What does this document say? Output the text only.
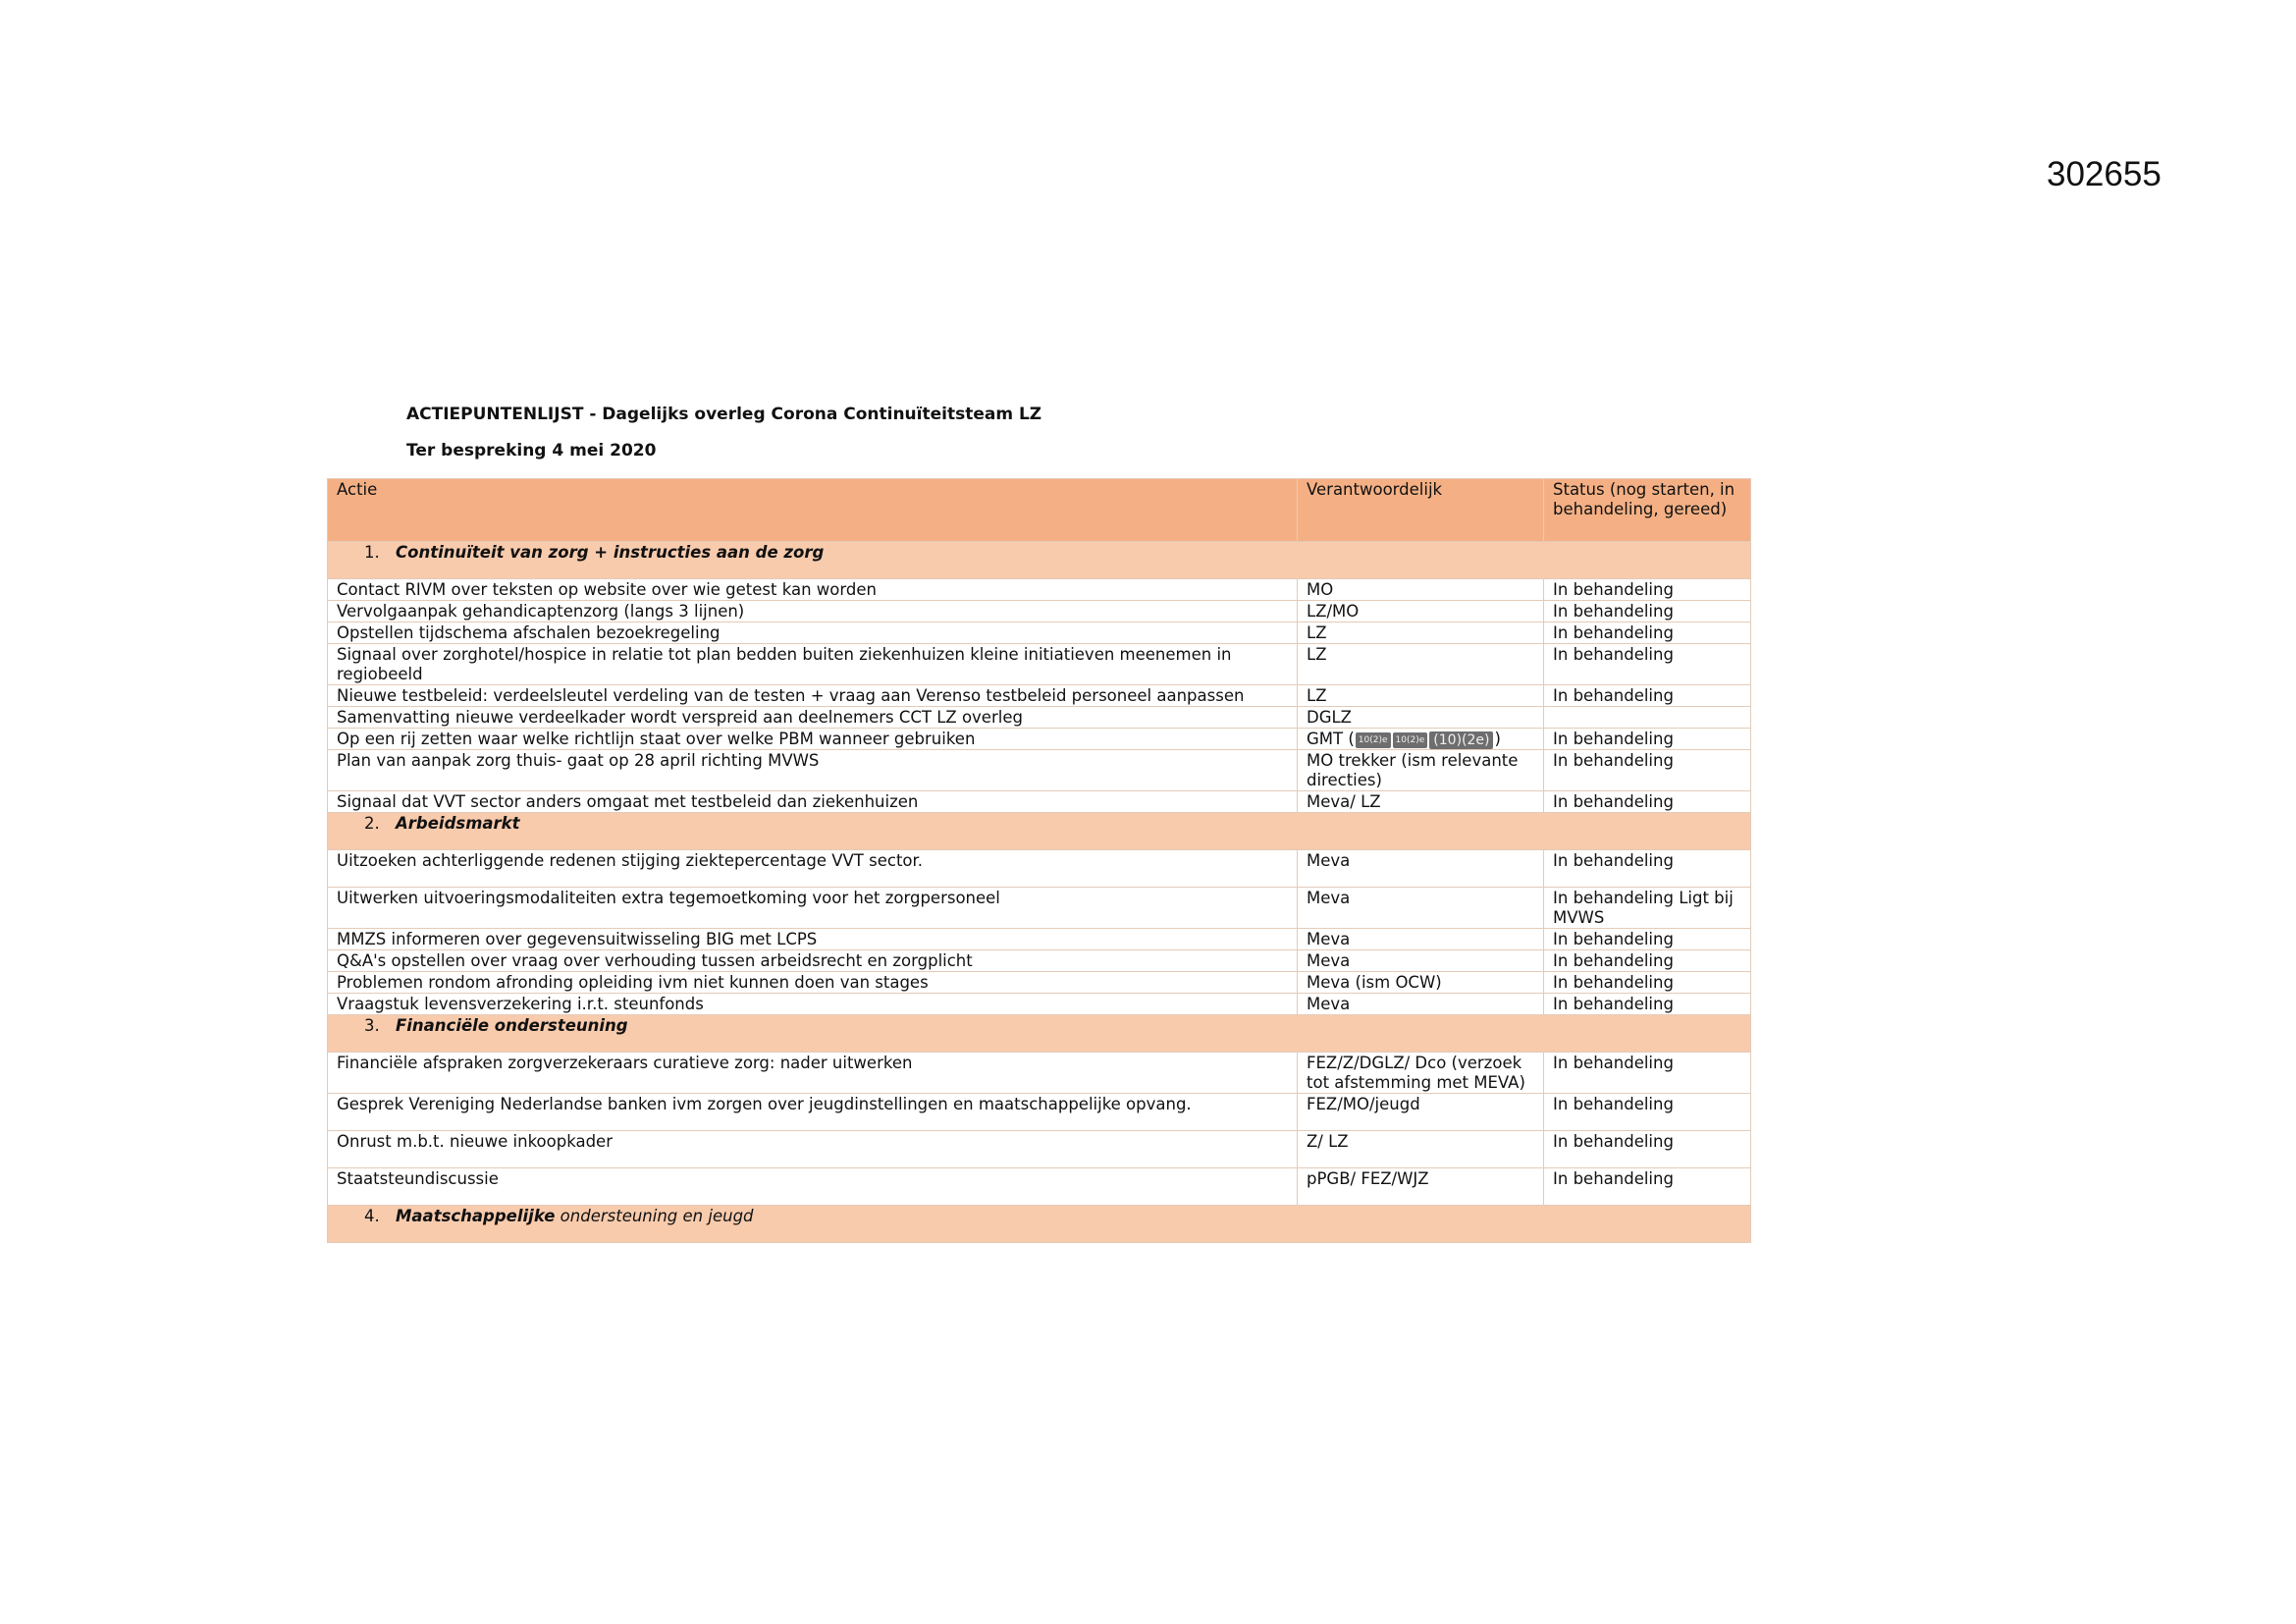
302655
ACTIEPUNTENLIJST - Dagelijks overleg Corona Continuïteitsteam LZ
Ter bespreking 4 mei 2020
Actie	Verantwoordelijk	Status (nog starten, in behandeling, gereed)

1. Continuïteit van zorg + instructies aan de zorg		

Contact RIVM over teksten op website over wie getest kan worden	MO	In behandeling
Vervolgaanpak gehandicaptenzorg (langs 3 lijnen)	LZ/MO	In behandeling
Opstellen tijdschema afschalen bezoekregeling	LZ	In behandeling
Signaal over zorghotel/hospice in relatie tot plan bedden buiten ziekenhuizen kleine initiatieven meenemen in regiobeeld	LZ	In behandeling
Nieuwe testbeleid: verdeelsleutel verdeling van de testen + vraag aan Verenso testbeleid personeel aanpassen	LZ	In behandeling
Samenvatting nieuwe verdeelkader wordt verspreid aan deelnemers CCT LZ overleg	DGLZ	
Op een rij zetten waar welke richtlijn staat over welke PBM wanneer gebruiken	GMT ( 10(2)e 10(2)e (10)(2e) )	In behandeling
Plan van aanpak zorg thuis- gaat op 28 april richting MVWS	MO trekker (ism relevante directies)	In behandeling
Signaal dat VVT sector anders omgaat met testbeleid dan ziekenhuizen	Meva/ LZ	In behandeling

2. Arbeidsmarkt		

Uitzoeken achterliggende redenen stijging ziektepercentage VVT sector.	Meva	In behandeling
Uitwerken uitvoeringsmodaliteiten extra tegemoetkoming voor het zorgpersoneel	Meva	In behandeling Ligt bij MVWS
MMZS informeren over gegevensuitwisseling BIG met LCPS	Meva	In behandeling
Q&A's opstellen over vraag over verhouding tussen arbeidsrecht en zorgplicht	Meva	In behandeling
Problemen rondom afronding opleiding ivm niet kunnen doen van stages	Meva (ism OCW)	In behandeling
Vraagstuk levensverzekering i.r.t. steunfonds	Meva	In behandeling

3. Financiële ondersteuning		

Financiële afspraken zorgverzekeraars curatieve zorg: nader uitwerken	FEZ/Z/DGLZ/ Dco (verzoek tot afstemming met MEVA)	In behandeling
Gesprek Vereniging Nederlandse banken ivm zorgen over jeugdinstellingen en maatschappelijke opvang.	FEZ/MO/jeugd	In behandeling
Onrust m.b.t. nieuwe inkoopkader	Z/ LZ	In behandeling
Staatsteundiscussie	pPGB/ FEZ/WJZ	In behandeling

4. Maatschappelijke ondersteuning en jeugd		
